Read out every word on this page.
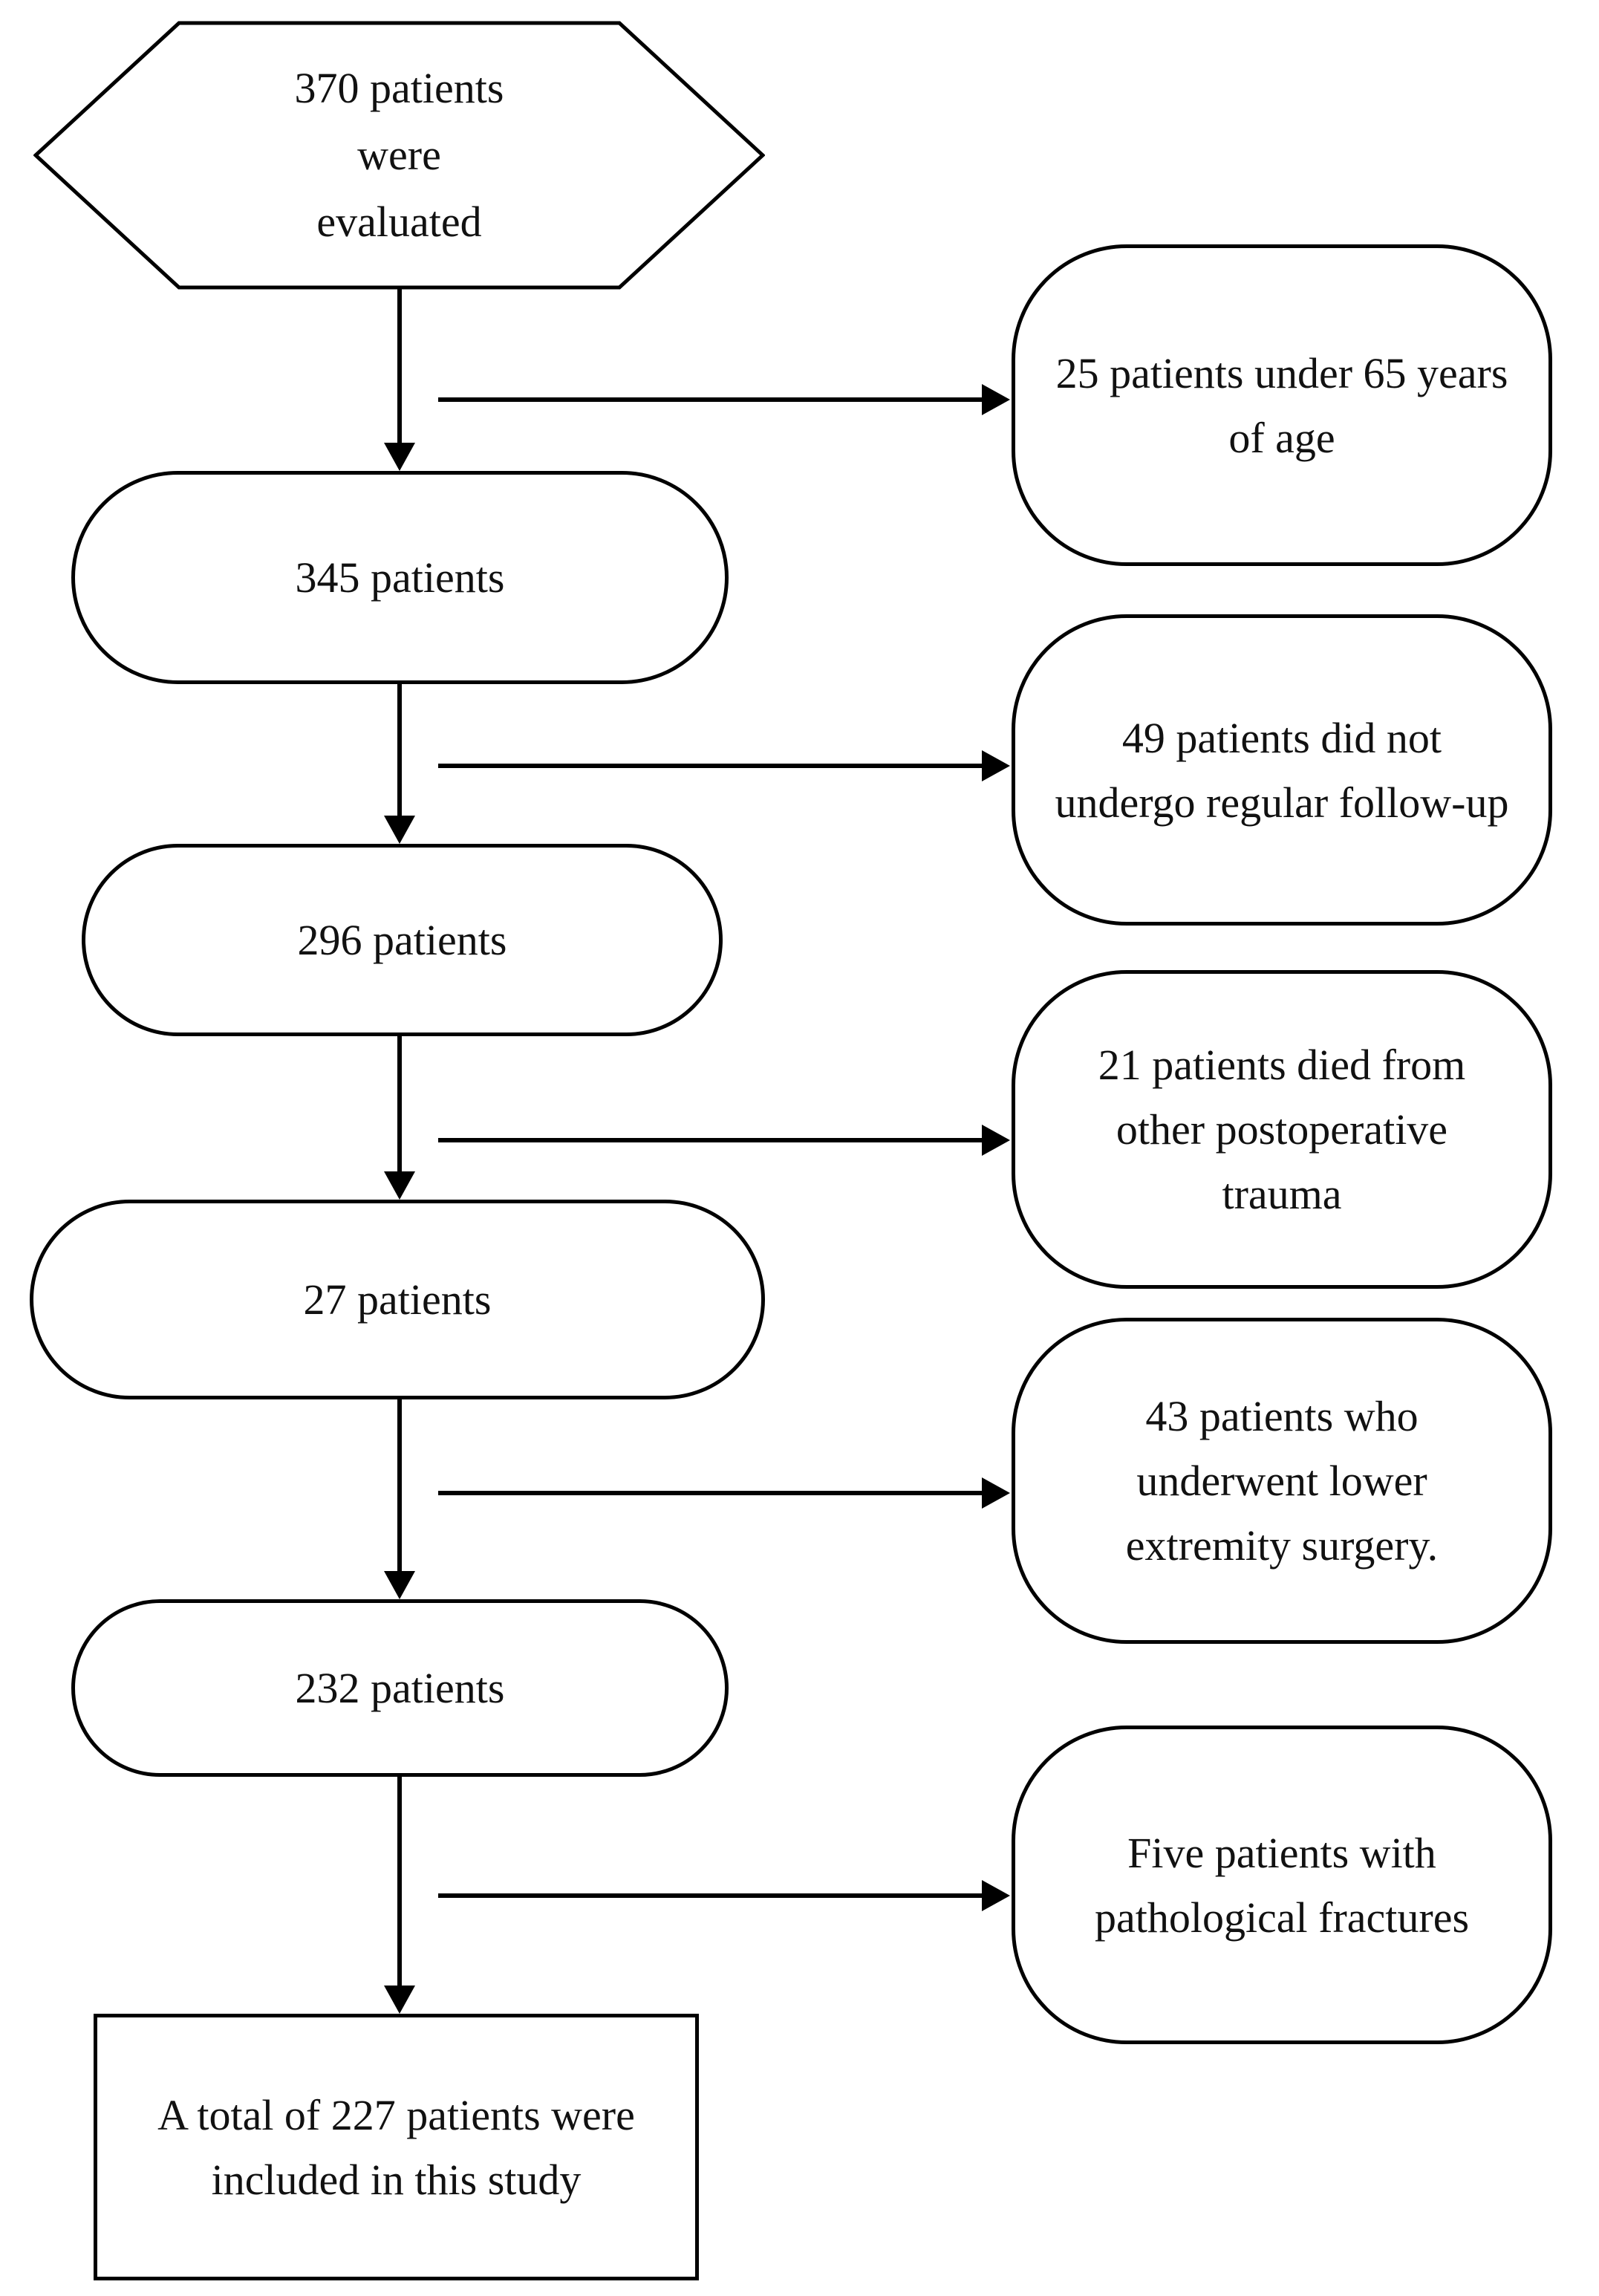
370 patients
were
evaluated
345 patients
296 patients
27 patients
232 patients
25 patients under 65 years of age
49 patients did not undergo regular follow-up
21 patients died from other postoperative trauma
43 patients who underwent lower extremity surgery.
Five patients with pathological fractures
A total of 227 patients were included in this study
